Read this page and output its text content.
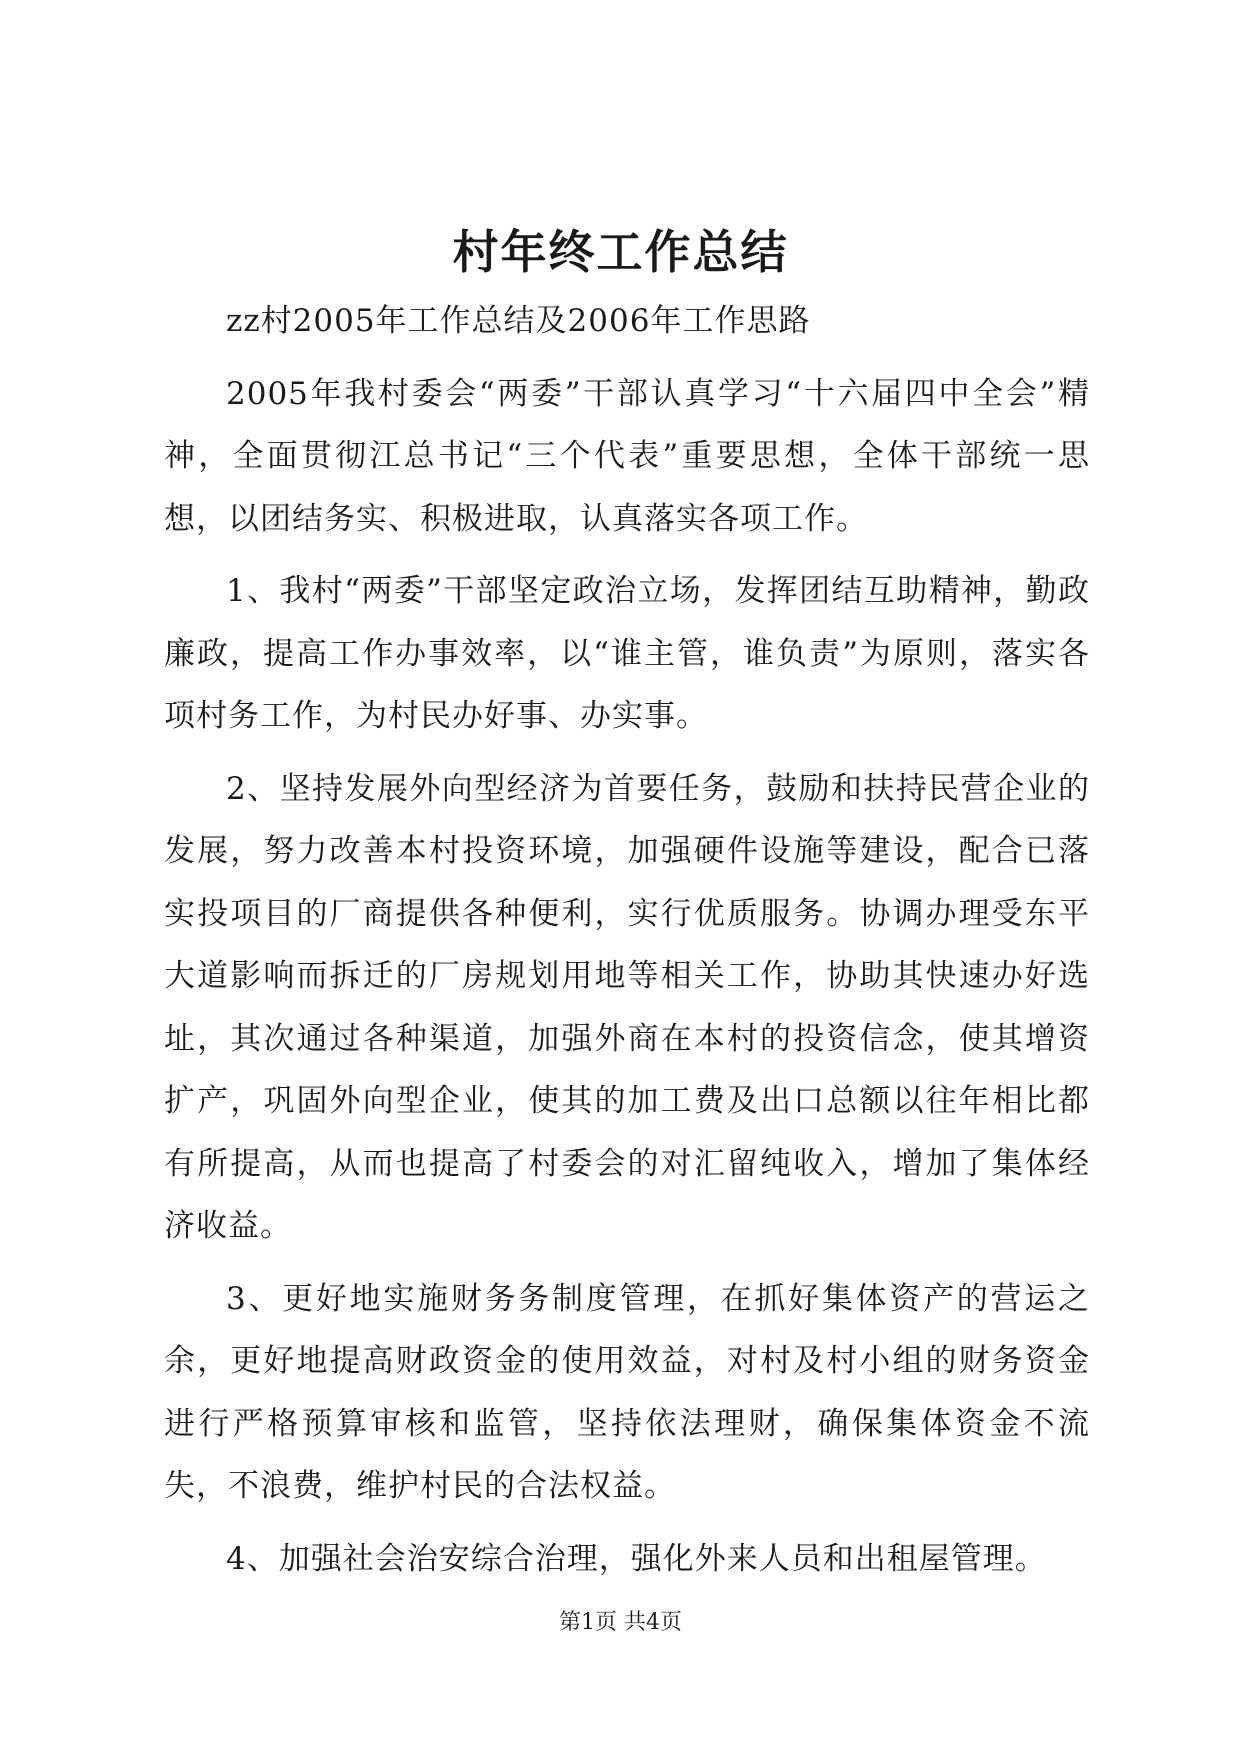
村年终工作总结

zz村2005年工作总结及2006年工作思路

2005年我村委会“两委”干部认真学习“十六届四中全会”精神，全面贯彻江总书记“三个代表”重要思想，全体干部统一思想，以团结务实、积极进取，认真落实各项工作。

1、我村“两委”干部坚定政治立场，发挥团结互助精神，勤政廉政，提高工作办事效率，以“谁主管，谁负责”为原则，落实各项村务工作，为村民办好事、办实事。

2、坚持发展外向型经济为首要任务，鼓励和扶持民营企业的发展，努力改善本村投资环境，加强硬件设施等建设，配合已落实投项目的厂商提供各种便利，实行优质服务。协调办理受东平大道影响而拆迁的厂房规划用地等相关工作，协助其快速办好选址，其次通过各种渠道，加强外商在本村的投资信念，使其增资扩产，巩固外向型企业，使其的加工费及出口总额以往年相比都有所提高，从而也提高了村委会的对汇留纯收入，增加了集体经济收益。

3、更好地实施财务务制度管理，在抓好集体资产的营运之余，更好地提高财政资金的使用效益，对村及村小组的财务资金进行严格预算审核和监管，坚持依法理财，确保集体资金不流失，不浪费，维护村民的合法权益。

4、加强社会治安综合治理，强化外来人员和出租屋管理。

第1页 共4页
